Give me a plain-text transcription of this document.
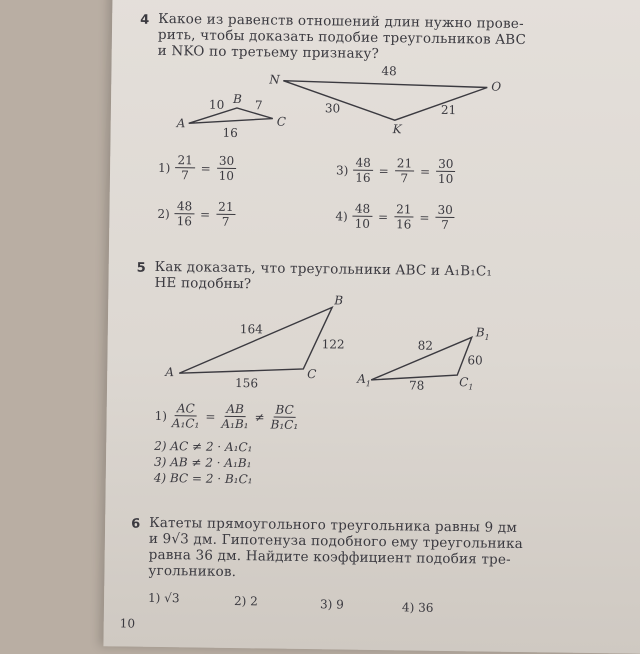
4 Какое из равенств отношений длин нужно прове-
рить, чтобы доказать подобие треугольников ABC
и NKO по третьему признаку?
A
B
C
10	7
16
N
O
K
48
30	21
$1) \frac{21}{7} = \frac{30}{10}$
$2) \frac{48}{16} = \frac{21}{7}$
$3) \frac{48}{16} = \frac{21}{7} = \frac{30}{10}$
$4) \frac{48}{10} = \frac{21}{16} = \frac{30}{7}$
5 Как доказать, что треугольники ABC и A₁B₁C₁
НЕ подобны?
A
B
C
164
122
156	$A_1$
$B_1$
$C_1$
82
60
78
$1) \frac{AC}{\text{A₁C₁}} = \frac{AB}{\text{A₁B₁}} \ne \frac{BC}{\text{B₁C₁}}$
2) AC ≠ 2 · A₁C₁
3) AB ≠ 2 · A₁B₁
4) BC = 2 · B₁C₁
6 Катеты прямоугольного треугольника равны 9 дм
и 9√3 дм. Гипотенуза подобного ему треугольника
равна 36 дм. Найдите коэффициент подобия тре-
угольников.
1) √3	2) 2	3) 9	4) 36
10
